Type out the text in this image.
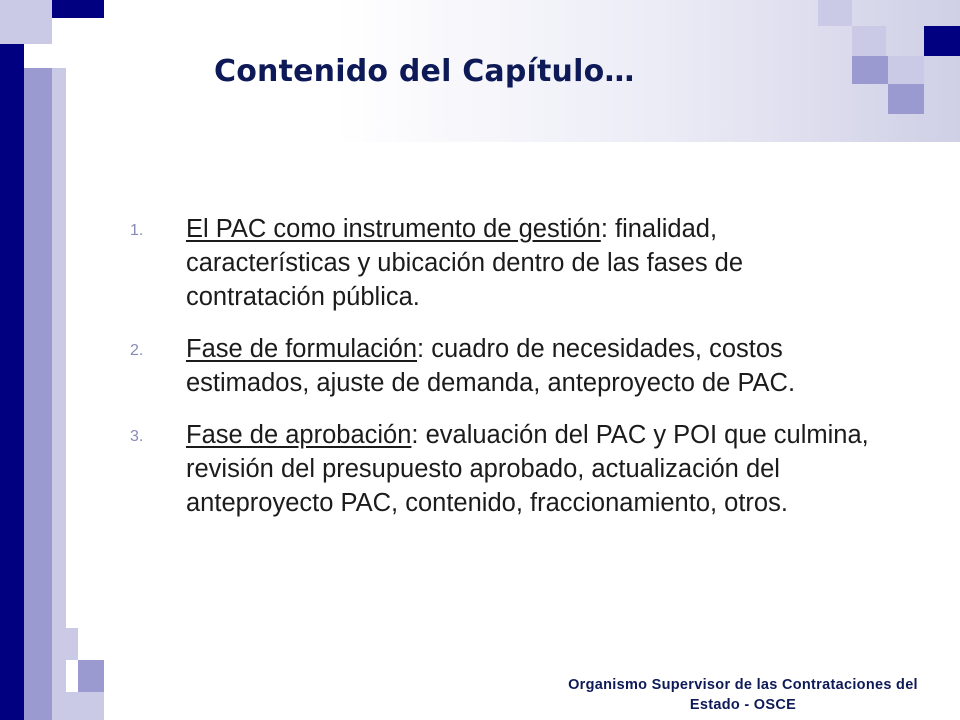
Contenido del Capítulo…
1. El PAC como instrumento de gestión: finalidad, características y ubicación dentro de las fases de contratación pública.
2. Fase de formulación: cuadro de necesidades, costos estimados, ajuste de demanda, anteproyecto de PAC.
3. Fase de aprobación: evaluación del PAC y POI que culmina, revisión del presupuesto aprobado, actualización del anteproyecto PAC, contenido, fraccionamiento, otros.
Organismo Supervisor de las Contrataciones del
Estado - OSCE
